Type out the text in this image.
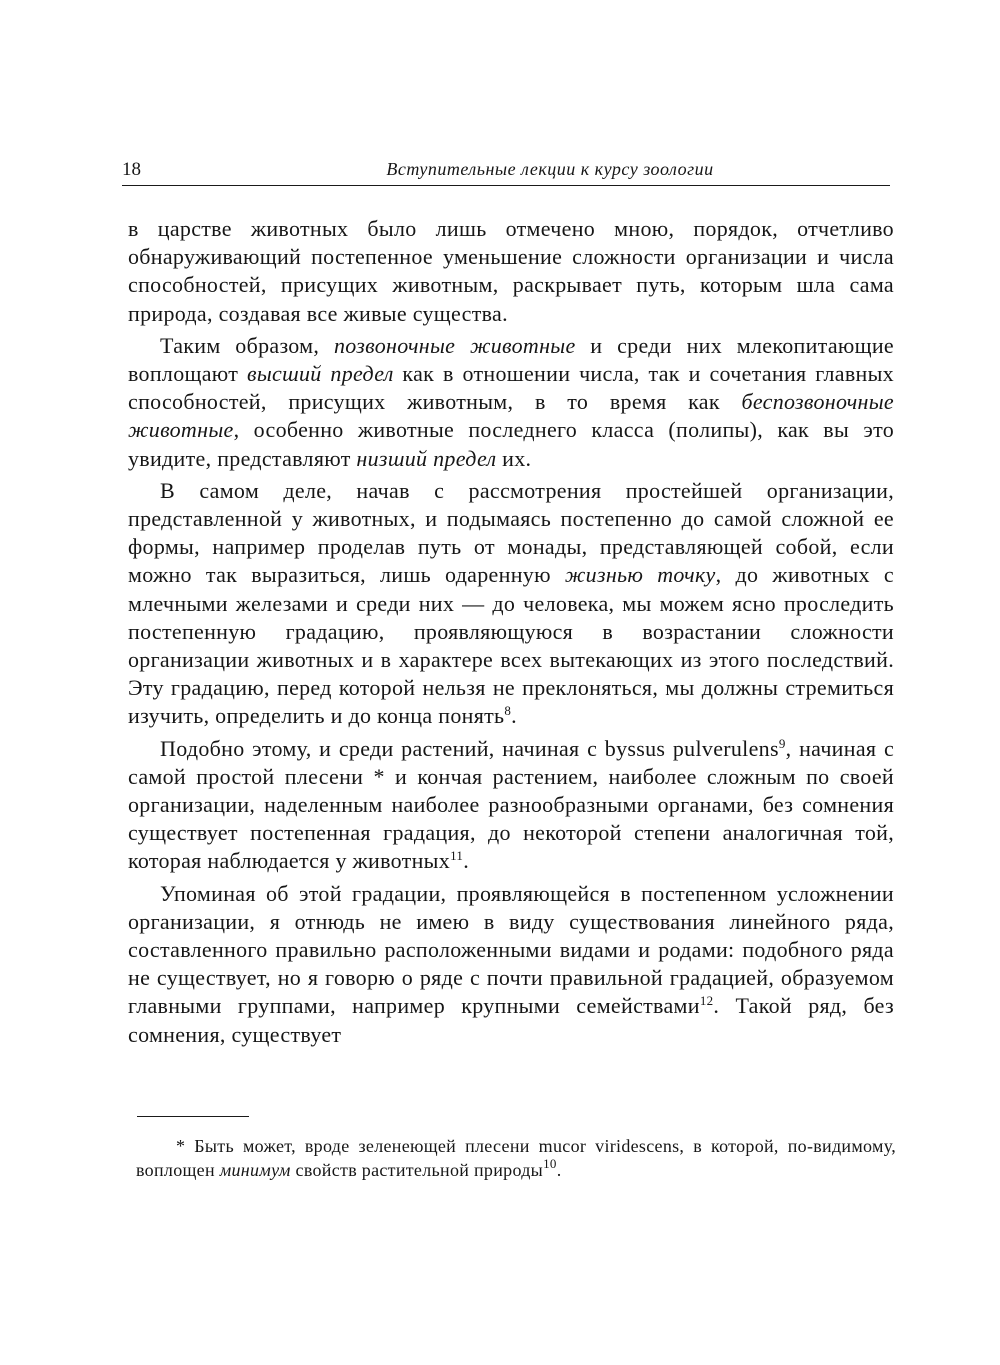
18	Вступительные лекции к курсу зоологии

в царстве животных было лишь отмечено мною, порядок, отчетливо обнаруживающий постепенное уменьшение сложности организации и числа способностей, присущих животным, раскрывает путь, которым шла сама природа, создавая все живые существа.

Таким образом, позвоночные животные и среди них млекопитающие воплощают высший предел как в отношении числа, так и сочетания главных способностей, присущих животным, в то время как беспозвоночные животные, особенно животные последнего класса (полипы), как вы это увидите, представляют низший предел их.

В самом деле, начав с рассмотрения простейшей организации, представленной у животных, и подымаясь постепенно до самой сложной ее формы, например проделав путь от монады, представляющей собой, если можно так выразиться, лишь одаренную жизнью точку, до животных с млечными железами и среди них — до человека, мы можем ясно проследить постепенную градацию, проявляющуюся в возрастании сложности организации животных и в характере всех вытекающих из этого последствий. Эту градацию, перед которой нельзя не преклоняться, мы должны стремиться изучить, определить и до конца понять$^8$.

Подобно этому, и среди растений, начиная с byssus pulverulens$^9$, начиная с самой простой плесени * и кончая растением, наиболее сложным по своей организации, наделенным наиболее разнообразными органами, без сомнения существует постепенная градация, до некоторой степени аналогичная той, которая наблюдается у животных$^{11}$.

Упоминая об этой градации, проявляющейся в постепенном усложнении организации, я отнюдь не имею в виду существования линейного ряда, составленного правильно расположенными видами и родами: подобного ряда не существует, но я говорю о ряде с почти правильной градацией, образуемом главными группами, например крупными семействами$^{12}$. Такой ряд, без сомнения, существует

* Быть может, вроде зеленеющей плесени mucor viridescens, в которой, по-видимому, воплощен минимум свойств растительной природы$^{10}$.
